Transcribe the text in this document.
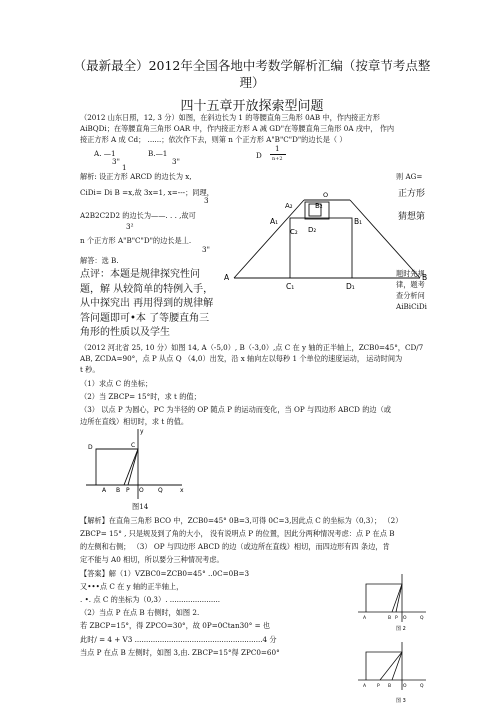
（最新最全）2012年全国各地中考数学解析汇编（按章节考点整
理）
四十五章开放探索型问题
（2012 山东日照，12, 3 分）如图，在斜边长为 1 的等腰直角三角形 0AB 中，作内接正方形
AiBQDi；在等腰直角三角形 OAR 中，作内接正方形 A 减 GD"在等腰直角三角形 0A 戌中， 作内
接正方形 A 成 Cd； ......；依次作下去，则第 n 个正方形 A"B"C"D"的边长是（ ）
A. —1
3"
1
B.—1
3"
D
1
n+2
解析: 设正方形 ARCD 的边长为 x,	则 AG=
CiDi= Di B =x,故 3x=1, x=---；同理，	正方形
3
A2B2C2D2 的边长为——. . . ,故可	猜想第
3²
n 个正方形 A"B"C"D"的边长是丄.
3"
解答：选 B.
点评：本题是规律探究性问题，解 从较简单的特例入手，从中探究出 再用得到的规律解答问题即可•本 了等腰直角三角形的性质以及学生
题时先规律，题考查分析问AiBiCiDi
O
A₂	B₂
A₁	B₁
C₂ D₂
A
C₁	D₁
B
（2012 河北省 25, 10 分）如图 14, A（-5,0）, B（-3,0）,点 C 在 y 轴的正半轴上，ZCB0=45°，CD/7
AB, ZCDA=90°，点 P 从点 Q （4,0）出发，沿 x 轴向左以每秒 1 个单位的速度运动， 运动时间为
t 秒。
（1）求点 C 的坐标；
（2）当 ZBCP= 15°时，求 t 的值；
（3） 以点 P 为圆心，PC 为半径的 OP 随点 P 的运动而变化，当 OP 与四边形 ABCD 的边（或
边所在直线）相切时，求 t 的值。
y
D	C
A B P O Q	x
图14
【解析】在直角三角形 BCO 中，ZCB0=45° 0B=3,可得 0C=3,因此点 C 的坐标为（0,3）； （2）
ZBCP= 15° , 只是规及到了角的大小， 没有说明点 P 的位置，因此分两种情况考虑：点 P 在点 B
的左侧和右侧； （3） OP 与四边形 ABCD 的边（或边所在直线）相切，而四边形有四 条边，肯
定不能与 A0 相切，所以要分三种情况考虑。
【答案】解（1）VZBC0=ZCB0=45° ..0C=0B=3
又•••点 C 在 y 轴的正半轴上，
. •. 点 C 的坐标为（0,3）. ......................
（2）当点 P 在点 B 右侧时，如图 2.
若 ZBCP=15°，得 ZPCO=30°，故 0P=0Ctan30° = 也
此时/ = 4 + V3 ........................................................4 分
当点 P 在点 B 左侧时，如图 3,由. ZBCP=15°得 ZPC0=60°
A	B P O	Q
图 2
A P B	O	Q
图 3
